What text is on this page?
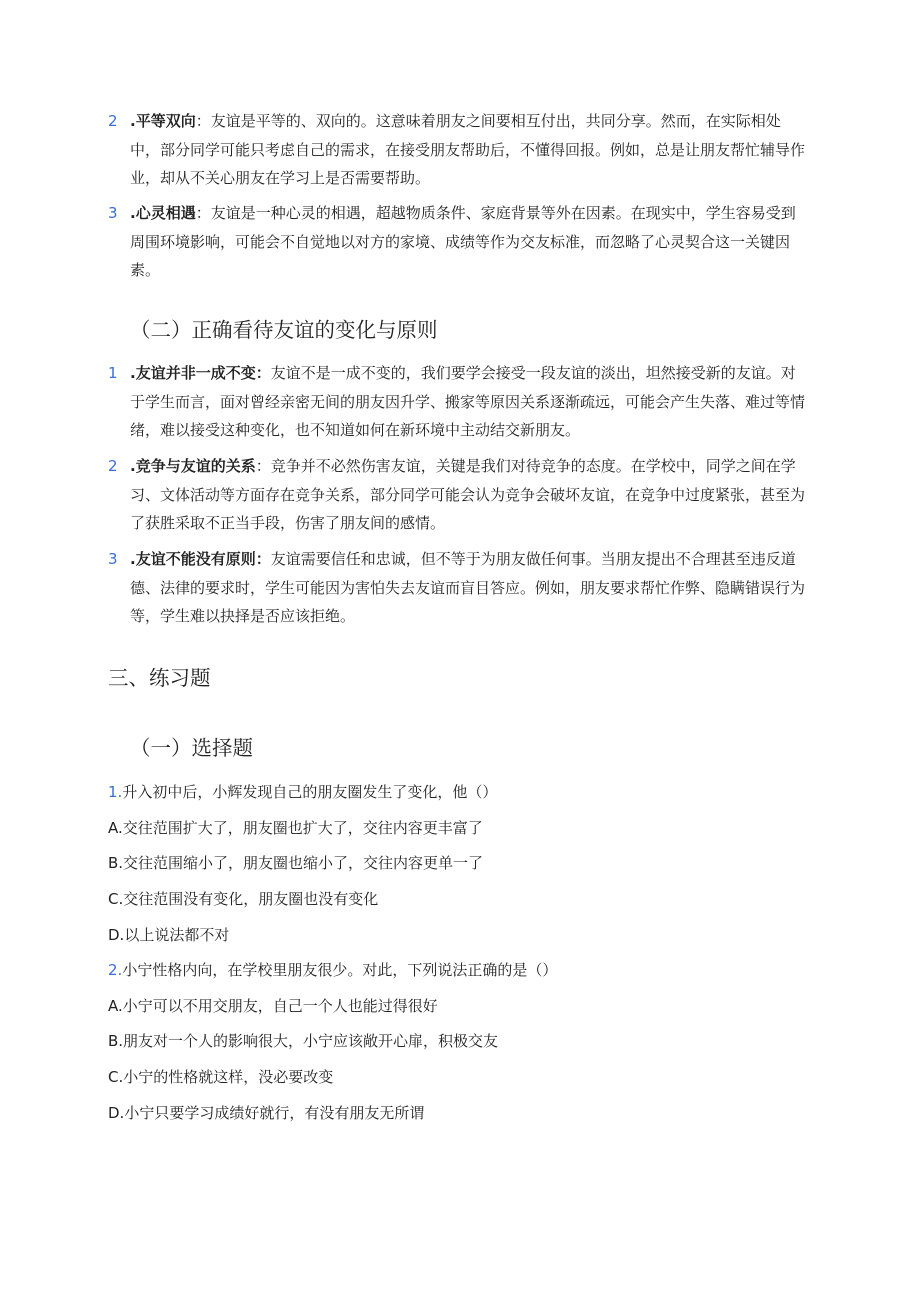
2 .平等双向：友谊是平等的、双向的。这意味着朋友之间要相互付出，共同分享。然而，在实际相处中，部分同学可能只考虑自己的需求，在接受朋友帮助后，不懂得回报。例如，总是让朋友帮忙辅导作业，却从不关心朋友在学习上是否需要帮助。
3 .心灵相遇：友谊是一种心灵的相遇，超越物质条件、家庭背景等外在因素。在现实中，学生容易受到周围环境影响，可能会不自觉地以对方的家境、成绩等作为交友标准，而忽略了心灵契合这一关键因素。
（二）正确看待友谊的变化与原则
1 .友谊并非一成不变：友谊不是一成不变的，我们要学会接受一段友谊的淡出，坦然接受新的友谊。对于学生而言，面对曾经亲密无间的朋友因升学、搬家等原因关系逐渐疏远，可能会产生失落、难过等情绪，难以接受这种变化，也不知道如何在新环境中主动结交新朋友。
2 .竞争与友谊的关系：竞争并不必然伤害友谊，关键是我们对待竞争的态度。在学校中，同学之间在学习、文体活动等方面存在竞争关系，部分同学可能会认为竞争会破坏友谊，在竞争中过度紧张，甚至为了获胜采取不正当手段，伤害了朋友间的感情。
3 .友谊不能没有原则：友谊需要信任和忠诚，但不等于为朋友做任何事。当朋友提出不合理甚至违反道德、法律的要求时，学生可能因为害怕失去友谊而盲目答应。例如，朋友要求帮忙作弊、隐瞒错误行为等，学生难以抉择是否应该拒绝。
三、练习题
（一）选择题
1.升入初中后，小辉发现自己的朋友圈发生了变化，他（）
A.交往范围扩大了，朋友圈也扩大了，交往内容更丰富了
B.交往范围缩小了，朋友圈也缩小了，交往内容更单一了
C.交往范围没有变化，朋友圈也没有变化
D.以上说法都不对
2.小宁性格内向，在学校里朋友很少。对此，下列说法正确的是（）
A.小宁可以不用交朋友，自己一个人也能过得很好
B.朋友对一个人的影响很大，小宁应该敞开心扉，积极交友
C.小宁的性格就这样，没必要改变
D.小宁只要学习成绩好就行，有没有朋友无所谓
